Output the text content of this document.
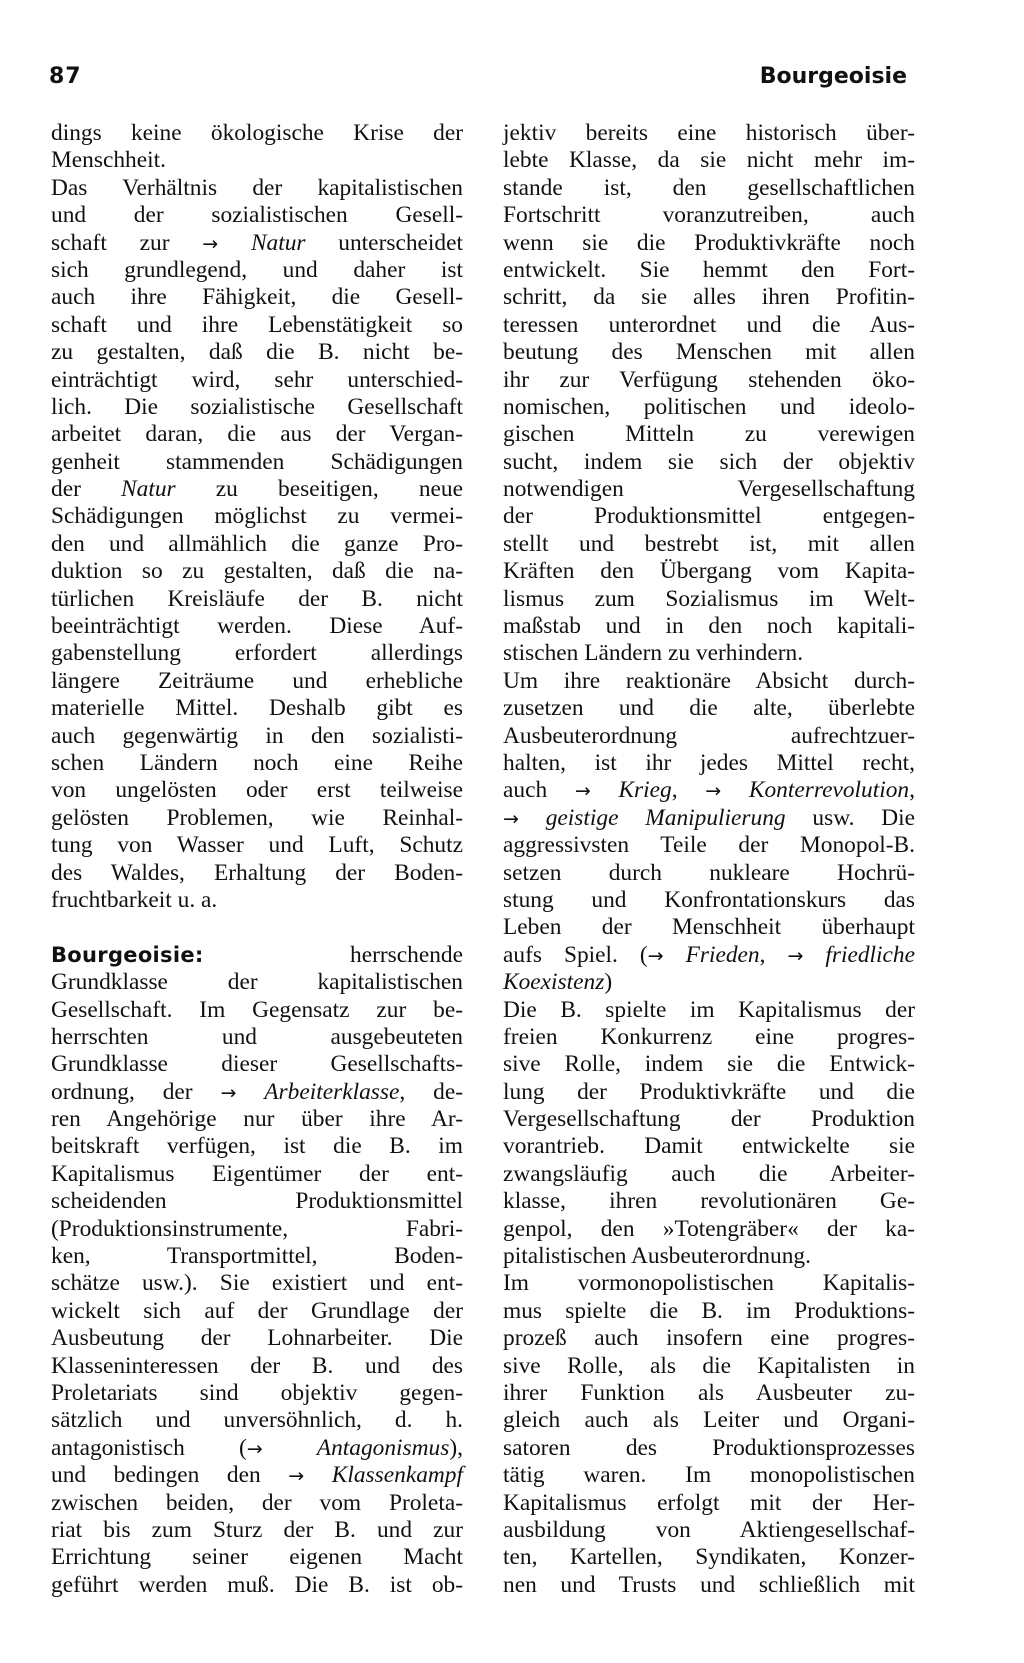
87	Bourgeoisie
dings keine ökologische Krise der
Menschheit.
Das Verhältnis der kapitalistischen
und der sozialistischen Gesell-
schaft zur → Natur unterscheidet
sich grundlegend, und daher ist
auch ihre Fähigkeit, die Gesell-
schaft und ihre Lebenstätigkeit so
zu gestalten, daß die B. nicht be-
einträchtigt wird, sehr unterschied-
lich. Die sozialistische Gesellschaft
arbeitet daran, die aus der Vergan-
genheit stammenden Schädigungen
der Natur zu beseitigen, neue
Schädigungen möglichst zu vermei-
den und allmählich die ganze Pro-
duktion so zu gestalten, daß die na-
türlichen Kreisläufe der B. nicht
beeinträchtigt werden. Diese Auf-
gabenstellung erfordert allerdings
längere Zeiträume und erhebliche
materielle Mittel. Deshalb gibt es
auch gegenwärtig in den sozialisti-
schen Ländern noch eine Reihe
von ungelösten oder erst teilweise
gelösten Problemen, wie Reinhal-
tung von Wasser und Luft, Schutz
des Waldes, Erhaltung der Boden-
fruchtbarkeit u. a.
Bourgeoisie: herrschende
Grundklasse der kapitalistischen
Gesellschaft. Im Gegensatz zur be-
herrschten und ausgebeuteten
Grundklasse dieser Gesellschafts-
ordnung, der → Arbeiterklasse, de-
ren Angehörige nur über ihre Ar-
beitskraft verfügen, ist die B. im
Kapitalismus Eigentümer der ent-
scheidenden Produktionsmittel
(Produktionsinstrumente, Fabri-
ken, Transportmittel, Boden-
schätze usw.). Sie existiert und ent-
wickelt sich auf der Grundlage der
Ausbeutung der Lohnarbeiter. Die
Klasseninteressen der B. und des
Proletariats sind objektiv gegen-
sätzlich und unversöhnlich, d. h.
antagonistisch (→ Antagonismus),
und bedingen den → Klassenkampf
zwischen beiden, der vom Proleta-
riat bis zum Sturz der B. und zur
Errichtung seiner eigenen Macht
geführt werden muß. Die B. ist ob-
jektiv bereits eine historisch über-
lebte Klasse, da sie nicht mehr im-
stande ist, den gesellschaftlichen
Fortschritt voranzutreiben, auch
wenn sie die Produktivkräfte noch
entwickelt. Sie hemmt den Fort-
schritt, da sie alles ihren Profitin-
teressen unterordnet und die Aus-
beutung des Menschen mit allen
ihr zur Verfügung stehenden öko-
nomischen, politischen und ideolo-
gischen Mitteln zu verewigen
sucht, indem sie sich der objektiv
notwendigen Vergesellschaftung
der Produktionsmittel entgegen-
stellt und bestrebt ist, mit allen
Kräften den Übergang vom Kapita-
lismus zum Sozialismus im Welt-
maßstab und in den noch kapitali-
stischen Ländern zu verhindern.
Um ihre reaktionäre Absicht durch-
zusetzen und die alte, überlebte
Ausbeuterordnung aufrechtzuer-
halten, ist ihr jedes Mittel recht,
auch → Krieg, → Konterrevolution,
→ geistige Manipulierung usw. Die
aggressivsten Teile der Monopol-B.
setzen durch nukleare Hochrü-
stung und Konfrontationskurs das
Leben der Menschheit überhaupt
aufs Spiel. (→ Frieden, → friedliche
Koexistenz)
Die B. spielte im Kapitalismus der
freien Konkurrenz eine progres-
sive Rolle, indem sie die Entwick-
lung der Produktivkräfte und die
Vergesellschaftung der Produktion
vorantrieb. Damit entwickelte sie
zwangsläufig auch die Arbeiter-
klasse, ihren revolutionären Ge-
genpol, den »Totengräber« der ka-
pitalistischen Ausbeuterordnung.
Im vormonopolistischen Kapitalis-
mus spielte die B. im Produktions-
prozeß auch insofern eine progres-
sive Rolle, als die Kapitalisten in
ihrer Funktion als Ausbeuter zu-
gleich auch als Leiter und Organi-
satoren des Produktionsprozesses
tätig waren. Im monopolistischen
Kapitalismus erfolgt mit der Her-
ausbildung von Aktiengesellschaf-
ten, Kartellen, Syndikaten, Konzer-
nen und Trusts und schließlich mit
